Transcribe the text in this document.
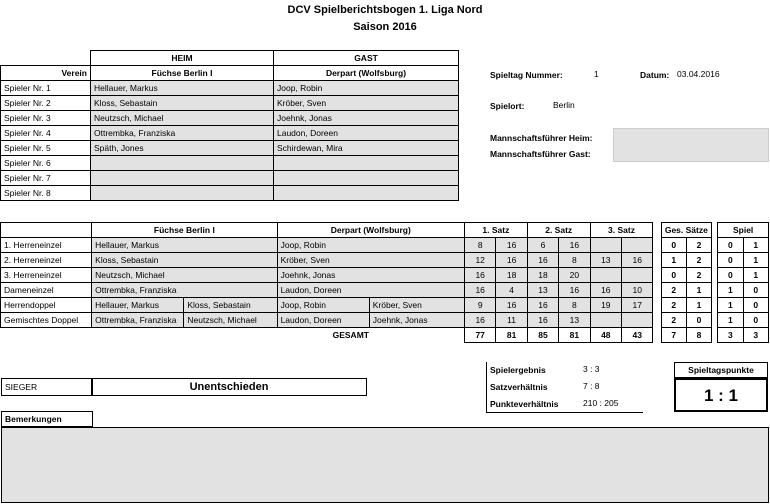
DCV Spielberichtsbogen 1. Liga Nord
Saison 2016
	HEIM	GAST
Verein	Füchse Berlin I	Derpart (Wolfsburg)
Spieler Nr. 1	Hellauer, Markus	Joop, Robin
Spieler Nr. 2	Kloss, Sebastain	Kröber, Sven
Spieler Nr. 3	Neutzsch, Michael	Joehnk, Jonas
Spieler Nr. 4	Ottrembka, Franziska	Laudon, Doreen
Spieler Nr. 5	Späth, Jones	Schirdewan, Mira
Spieler Nr. 6		
Spieler Nr. 7		
Spieler Nr. 8		
Spieltag Nummer:	1	Datum: 03.04.2016
Spielort:	Berlin
Mannschaftsführer Heim:
Mannschaftsführer Gast:
	Füchse Berlin I		Derpart (Wolfsburg)		1. Satz		2. Satz		3. Satz			Ges. Sätze			Spiel	
1. Herreneinzel	Hellauer, Markus		Joop, Robin		8	16	6	16				0	2		0	1
2. Herreneinzel	Kloss, Sebastain		Kröber, Sven		12	16	16	8	13	16		1	2		0	1
3. Herreneinzel	Neutzsch, Michael		Joehnk, Jonas		16	18	18	20				0	2		0	1
Dameneinzel	Ottrembka, Franziska		Laudon, Doreen		16	4	13	16	16	10		2	1		1	0
Herrendoppel	Hellauer, Markus	Kloss, Sebastain	Joop, Robin	Kröber, Sven	9	16	16	8	19	17		2	1		1	0
Gemischtes Doppel	Ottrembka, Franziska	Neutzsch, Michael	Laudon, Doreen	Joehnk, Jonas	16	11	16	13				2	0		1	0
		GESAMT			77	81	85	81	48	43		7	8		3	3
SIEGER	Unentschieden
Spielergebnis	3 : 3
Satzverhältnis	7 : 8
Punkteverhältnis	210 : 205
Spieltagspunkte
1 : 1
Bemerkungen
